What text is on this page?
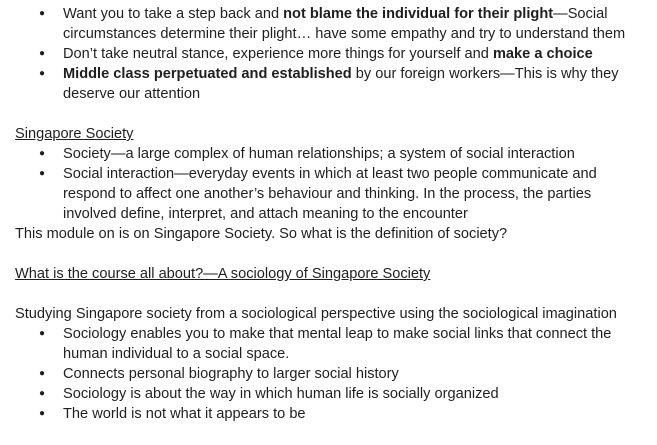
● Want you to take a step back and not blame the individual for their plight—Social circumstances determine their plight… have some empathy and try to understand them
● Don’t take neutral stance, experience more things for yourself and make a choice
● Middle class perpetuated and established by our foreign workers—This is why they deserve our attention
Singapore Society
● Society—a large complex of human relationships; a system of social interaction
● Social interaction—everyday events in which at least two people communicate and respond to affect one another’s behaviour and thinking. In the process, the parties involved define, interpret, and attach meaning to the encounter
This module on is on Singapore Society. So what is the definition of society?
What is the course all about?—A sociology of Singapore Society
Studying Singapore society from a sociological perspective using the sociological imagination
● Sociology enables you to make that mental leap to make social links that connect the human individual to a social space.
● Connects personal biography to larger social history
● Sociology is about the way in which human life is socially organized
● The world is not what it appears to be
